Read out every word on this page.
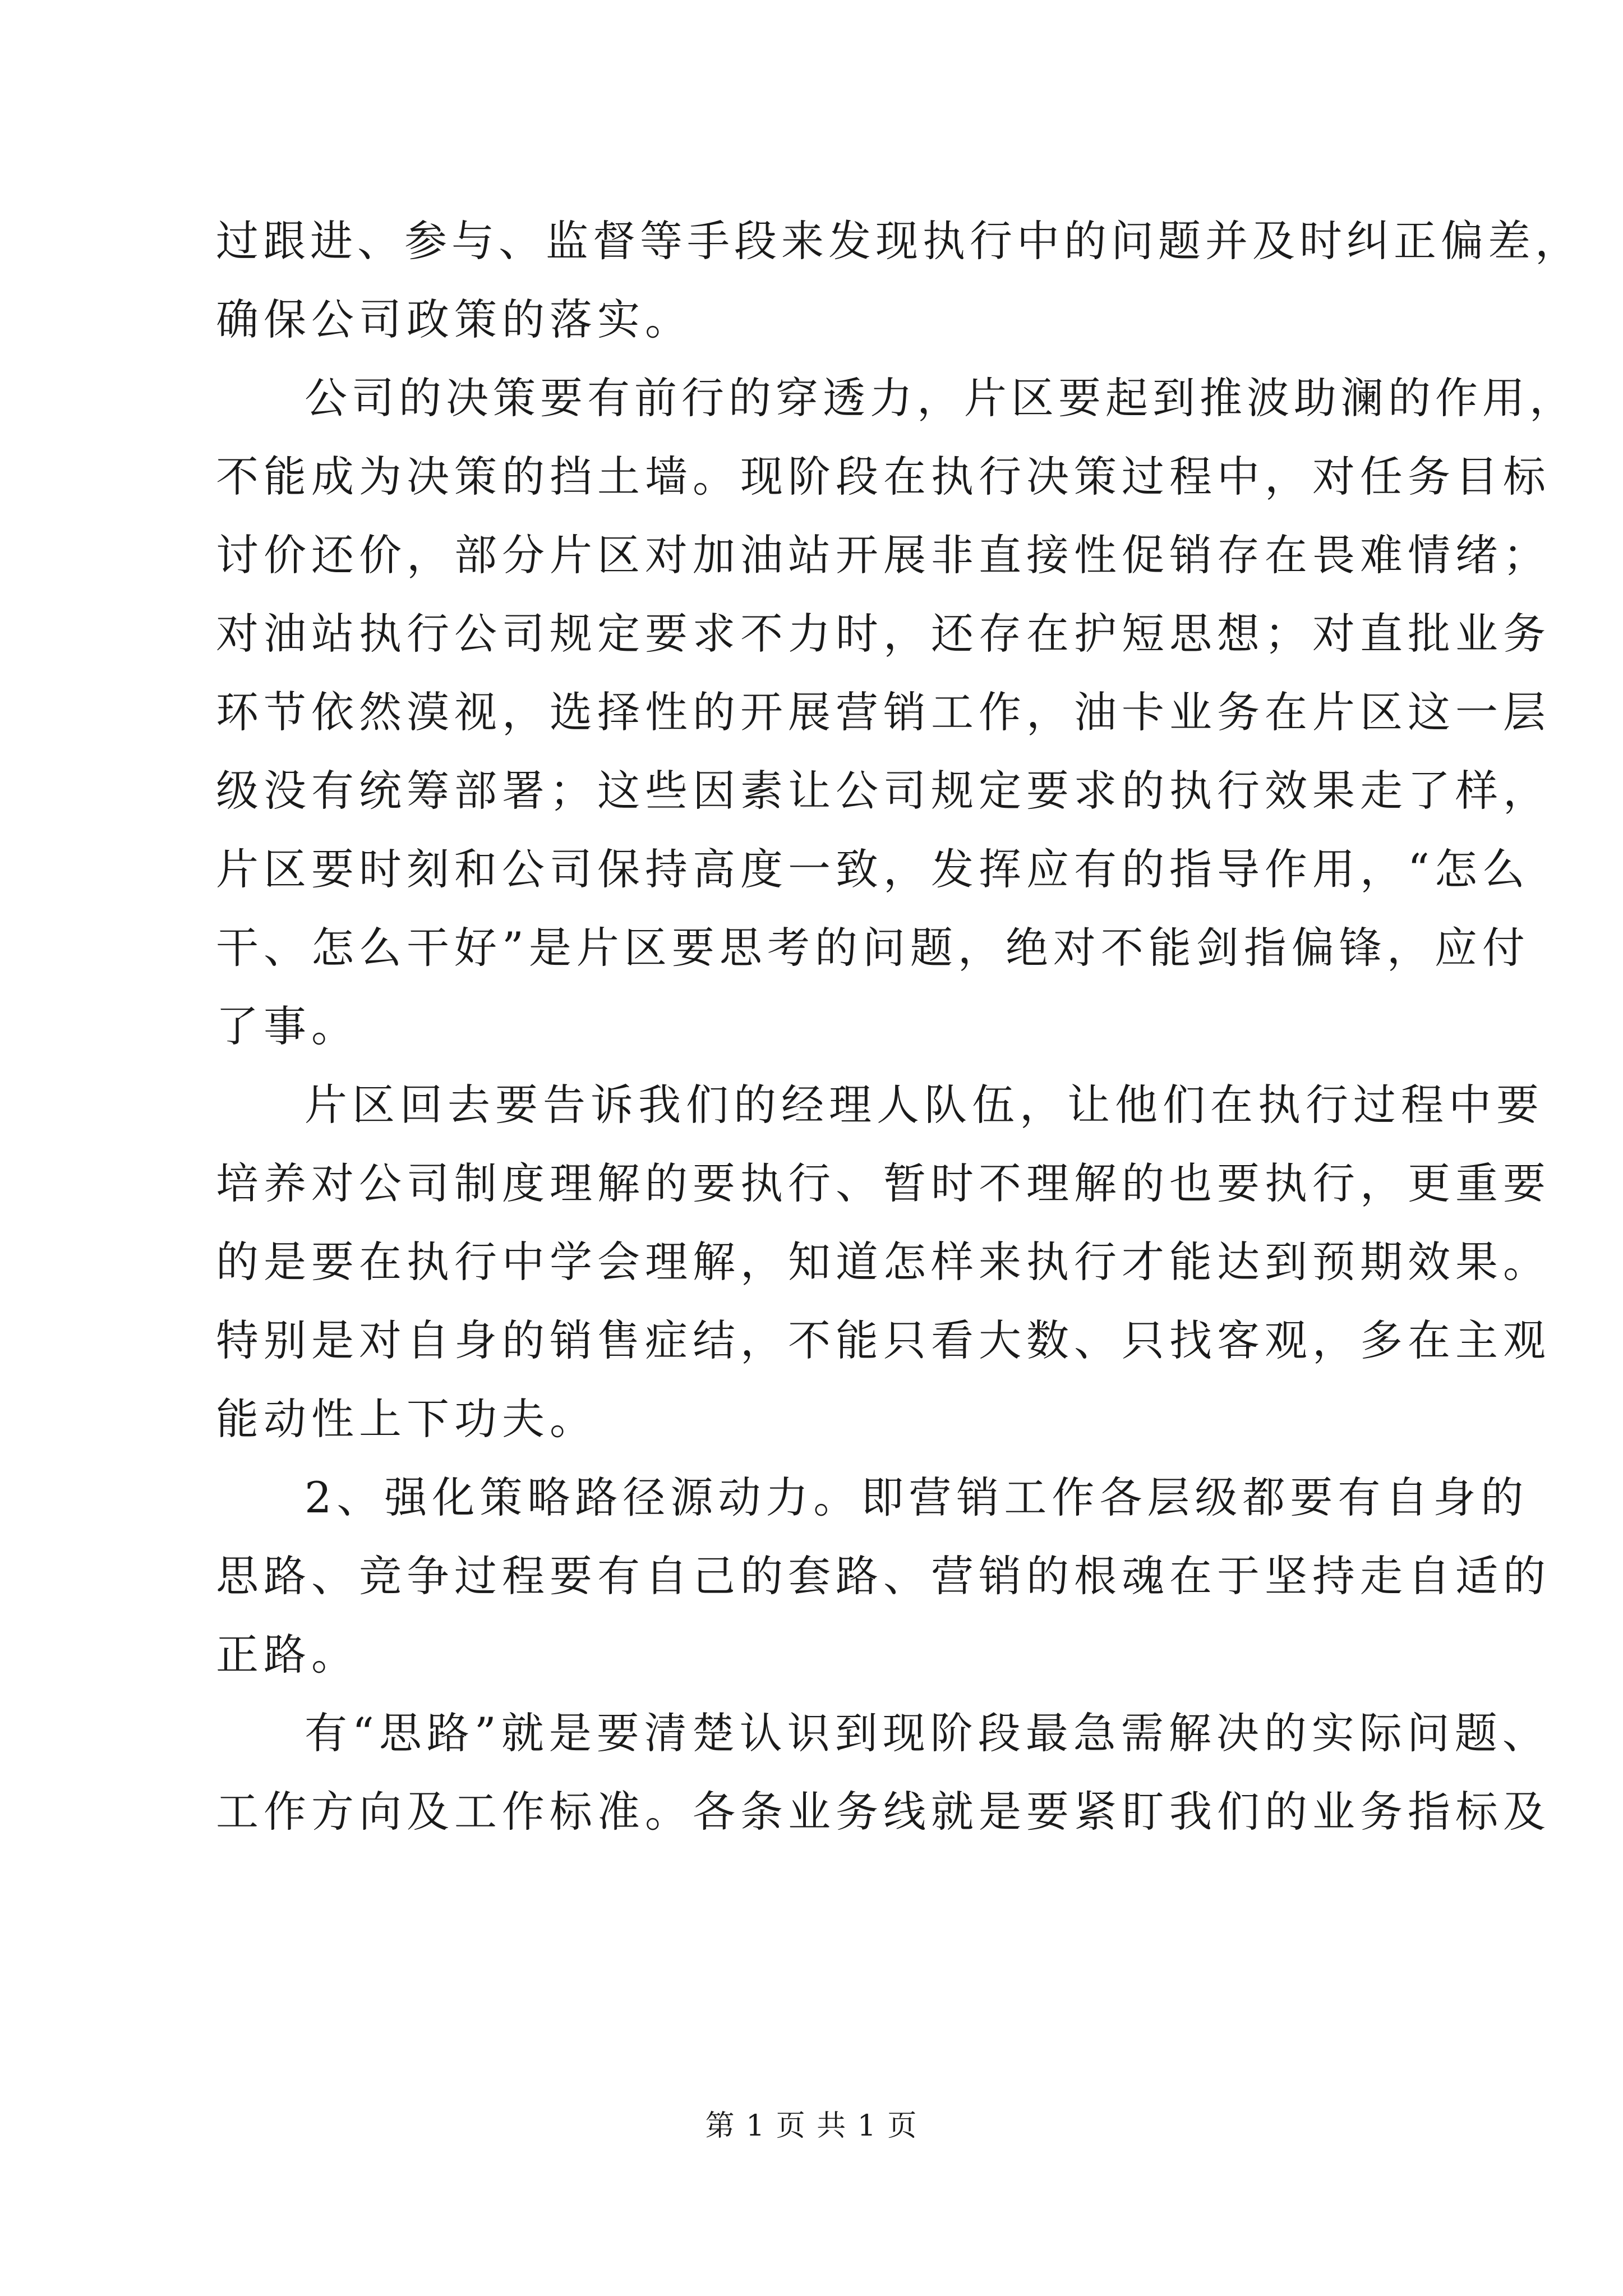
过跟进、参与、监督等手段来发现执行中的问题并及时纠正偏差，
确保公司政策的落实。
公司的决策要有前行的穿透力，片区要起到推波助澜的作用，
不能成为决策的挡土墙。现阶段在执行决策过程中，对任务目标
讨价还价，部分片区对加油站开展非直接性促销存在畏难情绪；
对油站执行公司规定要求不力时，还存在护短思想；对直批业务
环节依然漠视，选择性的开展营销工作，油卡业务在片区这一层
级没有统筹部署；这些因素让公司规定要求的执行效果走了样，
片区要时刻和公司保持高度一致，发挥应有的指导作用，“怎么
干、怎么干好”是片区要思考的问题，绝对不能剑指偏锋，应付
了事。
片区回去要告诉我们的经理人队伍，让他们在执行过程中要
培养对公司制度理解的要执行、暂时不理解的也要执行，更重要
的是要在执行中学会理解，知道怎样来执行才能达到预期效果。
特别是对自身的销售症结，不能只看大数、只找客观，多在主观
能动性上下功夫。
2、强化策略路径源动力。即营销工作各层级都要有自身的
思路、竞争过程要有自己的套路、营销的根魂在于坚持走自适的
正路。
有“思路”就是要清楚认识到现阶段最急需解决的实际问题、
工作方向及工作标准。各条业务线就是要紧盯我们的业务指标及
第 1 页 共 1 页
